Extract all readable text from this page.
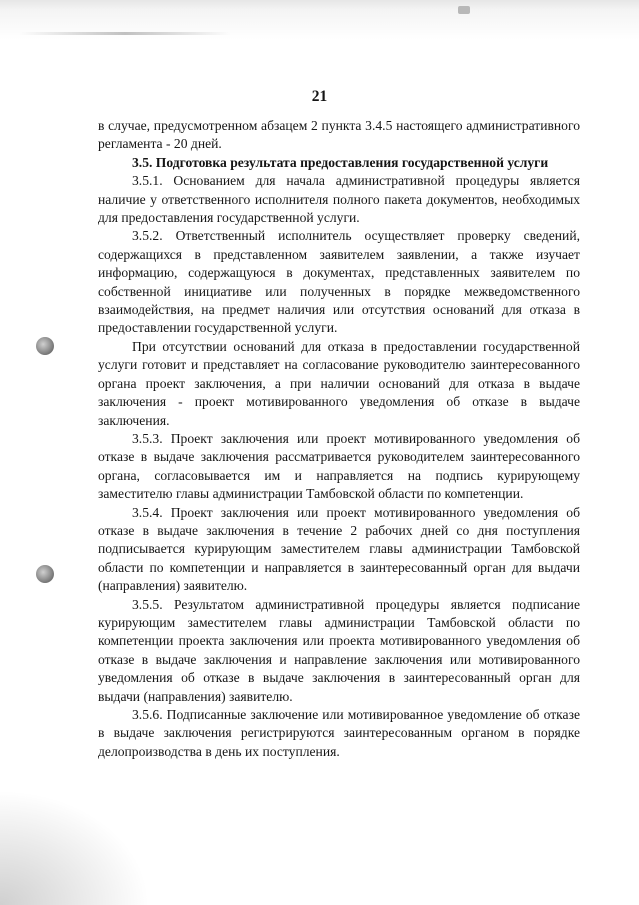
21

в случае, предусмотренном абзацем 2 пункта 3.4.5 настоящего административного регламента - 20 дней.

3.5. Подготовка результата предоставления государственной услуги

3.5.1. Основанием для начала административной процедуры является наличие у ответственного исполнителя полного пакета документов, необходимых для предоставления государственной услуги.

3.5.2. Ответственный исполнитель осуществляет проверку сведений, содержащихся в представленном заявителем заявлении, а также изучает информацию, содержащуюся в документах, представленных заявителем по собственной инициативе или полученных в порядке межведомственного взаимодействия, на предмет наличия или отсутствия оснований для отказа в предоставлении государственной услуги.

При отсутствии оснований для отказа в предоставлении государственной услуги готовит и представляет на согласование руководителю заинтересованного органа проект заключения, а при наличии оснований для отказа в выдаче заключения - проект мотивированного уведомления об отказе в выдаче заключения.

3.5.3. Проект заключения или проект мотивированного уведомления об отказе в выдаче заключения рассматривается руководителем заинтересованного органа, согласовывается им и направляется на подпись курирующему заместителю главы администрации Тамбовской области по компетенции.

3.5.4. Проект заключения или проект мотивированного уведомления об отказе в выдаче заключения в течение 2 рабочих дней со дня поступления подписывается курирующим заместителем главы администрации Тамбовской области по компетенции и направляется в заинтересованный орган для выдачи (направления) заявителю.

3.5.5. Результатом административной процедуры является подписание курирующим заместителем главы администрации Тамбовской области по компетенции проекта заключения или проекта мотивированного уведомления об отказе в выдаче заключения и направление заключения или мотивированного уведомления об отказе в выдаче заключения в заинтересованный орган для выдачи (направления) заявителю.

3.5.6. Подписанные заключение или мотивированное уведомление об отказе в выдаче заключения регистрируются заинтересованным органом в порядке делопроизводства в день их поступления.
